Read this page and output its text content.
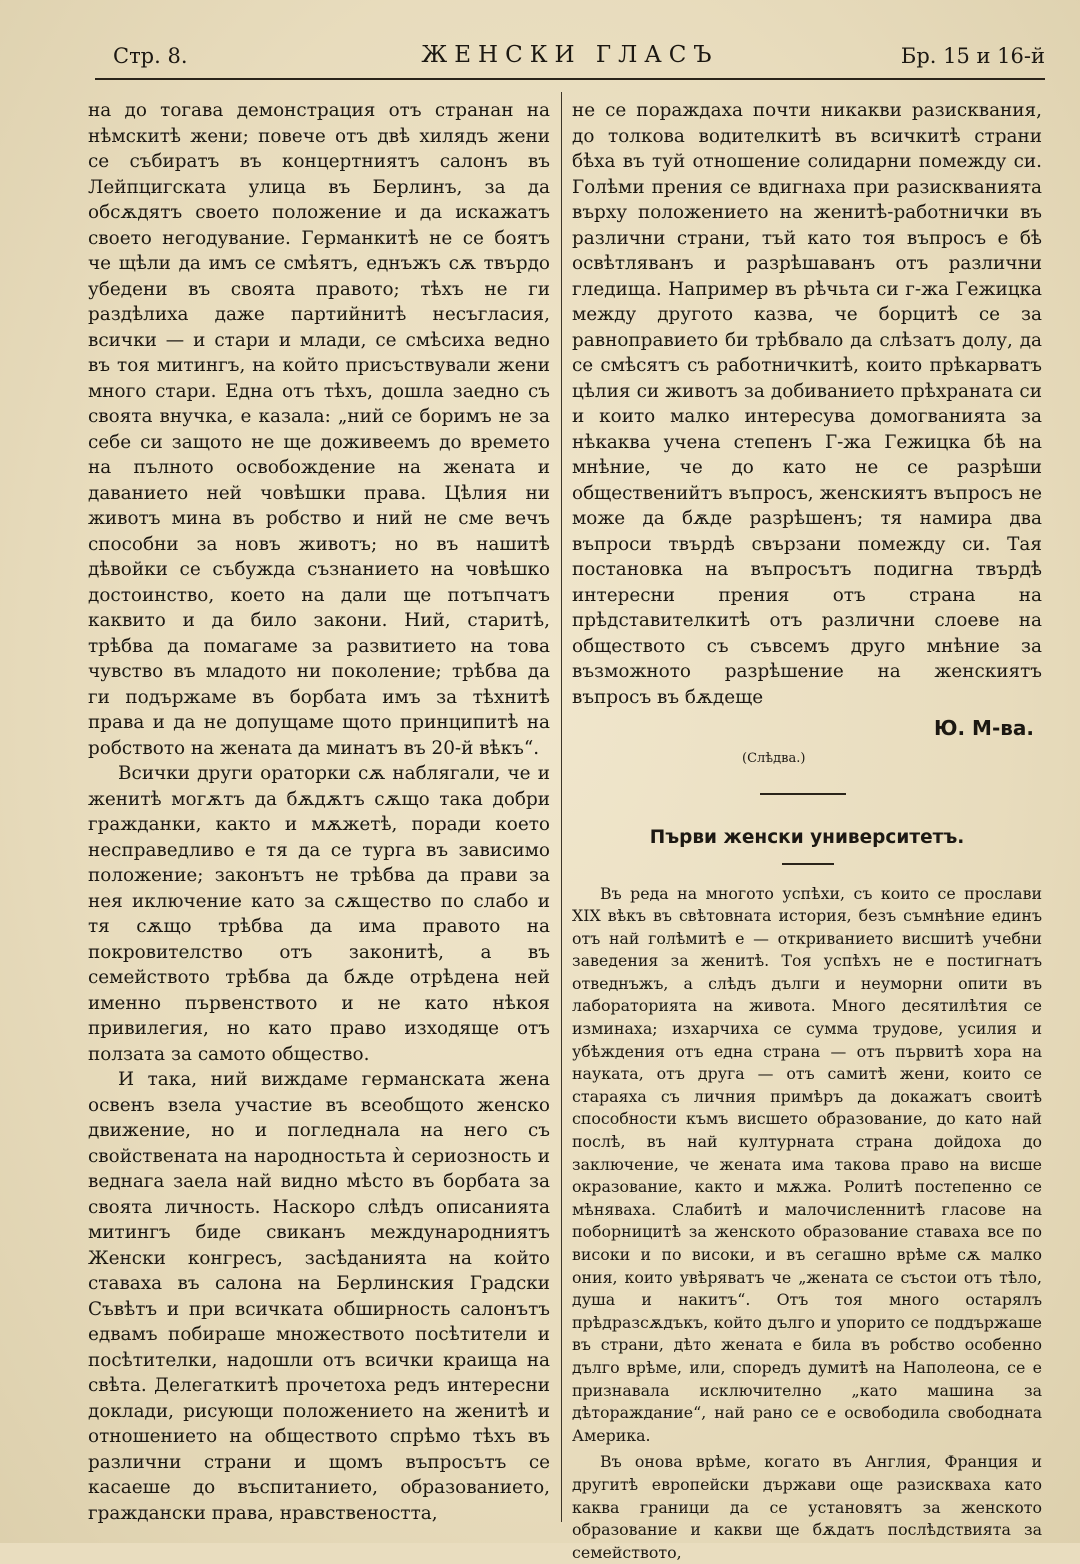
Стр. 8.	ЖЕНСКИ ГЛАСЪ	Бр. 15 и 16-й

на до тогава демонстрация отъ странан на нѣмскитѣ жени; повече отъ двѣ хилядъ жени се събиратъ въ концертниятъ салонъ въ Лейпцигската улица въ Берлинъ, за да обсѫдятъ своето положение и да искажатъ своето негодувание. Германкитѣ не се боятъ че щѣли да имъ се смѣятъ, еднъжъ сѫ твърдо убедени въ своята правото; тѣхъ не ги раздѣлиха даже партийнитѣ несъгласия, всички — и стари и млади, се смѣсиха ведно въ тоя митингъ, на който присъствували жени много стари. Една отъ тѣхъ, дошла заедно съ своята внучка, е казала: „ний се боримъ не за себе си защото не ще доживеемъ до времето на пълното освобождение на жената и даванието ней човѣшки права. Цѣлия ни животъ мина въ робство и ний не сме вечъ способни за новъ животъ; но въ нашитѣ дѣвойки се събужда съзнанието на човѣшко достоинство, което на дали ще потъпчатъ каквито и да било закони. Ний, старитѣ, трѣбва да помагаме за развитието на това чувство въ младото ни поколение; трѣбва да ги подържаме въ борбата имъ за тѣхнитѣ права и да не допущаме щото принципитѣ на робството на жената да минатъ въ 20-й вѣкъ“.

Всички други ораторки сѫ наблягали, че и женитѣ могѫтъ да бѫдѫтъ сѫщо така добри гражданки, както и мѫжетѣ, поради което несправедливо е тя да се турга въ зависимо положение; законътъ не трѣбва да прави за нея иключение като за сѫщество по слабо и тя сѫщо трѣбва да има правото на покровителство отъ законитѣ, а въ семейството трѣбва да бѫде отрѣдена ней именно първенството и не като нѣкоя привилегия, но като право изходяще отъ ползата за самото общество.

И така, ний виждаме германската жена освенъ взела участие въ всеобщото женско движение, но и погледнала на него съ свойствената на народностьта ѝ сериозность и веднага заела най видно мѣсто въ борбата за своята личность. Наскоро слѣдъ описанията митингъ биде свиканъ международниятъ Женски конгресъ, засѣданията на който ставаха въ салона на Берлинския Градски Съвѣтъ и при всичката обширность салонътъ едвамъ побираше множеството посѣтители и посѣтителки, надошли отъ всички краища на свѣта. Делегаткитѣ прочетоха редъ интересни доклади, рисующи положението на женитѣ и отношението на обществото спрѣмо тѣхъ въ различни страни и щомъ въпросътъ се касаеше до въспитанието, образованието, граждански права, нравствеността,

не се пораждаха почти никакви разисквания, до толкова водителкитѣ въ всичкитѣ страни бѣха въ туй отношение солидарни помежду си. Голѣми прения се вдигнаха при разискванията върху положението на женитѣ-работнички въ различни страни, тъй като тоя въпросъ е бѣ освѣтляванъ и разрѣшаванъ отъ различни гледища. Например въ рѣчьта си г-жа Гежицка между другото казва, че борцитѣ се за равноправието би трѣбвало да слѣзатъ долу, да се смѣсятъ съ работничкитѣ, които прѣкарватъ цѣлия си животъ за добиванието прѣхраната си и които малко интересува домогванията за нѣкаква учена степенъ Г-жа Гежицка бѣ на мнѣние, че до като не се разрѣши общественийтъ въпросъ, женскиятъ въпросъ не може да бѫде разрѣшенъ; тя намира два въпроси твърдѣ свързани помежду си. Тая постановка на въпросътъ подигна твърдѣ интересни прения отъ страна на прѣдставителкитѣ отъ различни слоеве на обществото съ съвсемъ друго мнѣние за възможното разрѣшение на женскиятъ въпросъ въ бѫдеще

Ю. М-ва.
(Слѣдва.)
Първи женски университетъ.

Въ реда на многото успѣхи, съ които се прослави XIX вѣкъ въ свѣтовната история, безъ съмнѣние единъ отъ най голѣмитѣ е — откриванието висшитѣ учебни заведения за женитѣ. Тоя успѣхъ не е постигнатъ отведнъжъ, а слѣдъ дълги и неуморни опити въ лабораторията на живота. Много десятилѣтия се изминаха; изхарчиха се сумма трудове, усилия и убѣждения отъ една страна — отъ първитѣ хора на науката, отъ друга — отъ самитѣ жени, които се стараяха съ личния примѣръ да докажатъ своитѣ способности къмъ висшето образование, до като най послѣ, въ най културната страна дойдоха до заключение, че жената има такова право на висше окразование, както и мѫжа. Ролитѣ постепенно се мѣняваха. Слабитѣ и малочисленнитѣ гласове на поборницитѣ за женското образование ставаха все по високи и по високи, и въ сегашно врѣме сѫ малко ония, които увѣряватъ че „жената се състои отъ тѣло, душа и накитъ“. Отъ тоя много остарялъ прѣдразсѫдъкъ, който дълго и упорито се поддържаше въ страни, дѣто жената е била въ робство особенно дълго врѣме, или, споредъ думитѣ на Наполеона, се е признавала исключително „като машина за дѣтораждание“, най рано се е освободила свободната Америка.

Въ онова врѣме, когато въ Англия, Франция и другитѣ европейски държави още разискваха като каква граници да се установятъ за женското образование и какви ще бѫдатъ послѣдствията за семейството,
